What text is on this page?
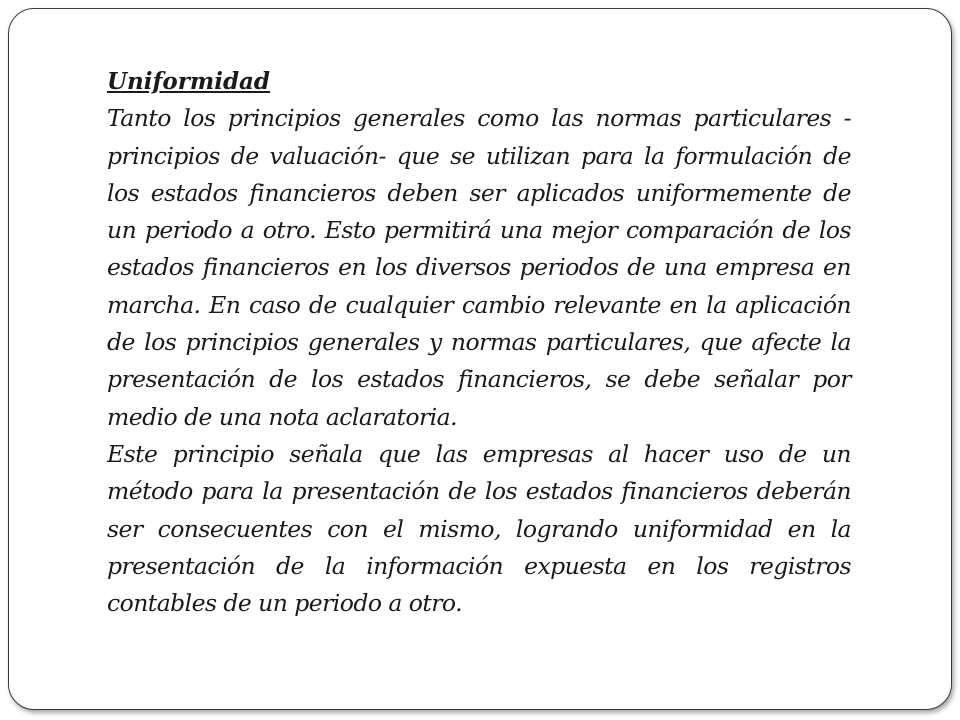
Uniformidad

Tanto los principios generales como las normas particulares -principios de valuación- que se utilizan para la formulación de los estados financieros deben ser aplicados uniformemente de un periodo a otro. Esto permitirá una mejor comparación de los estados financieros en los diversos periodos de una empresa en marcha. En caso de cualquier cambio relevante en la aplicación de los principios generales y normas particulares, que afecte la presentación de los estados financieros, se debe señalar por medio de una nota aclaratoria.

Este principio señala que las empresas al hacer uso de un método para la presentación de los estados financieros deberán ser consecuentes con el mismo, logrando uniformidad en la presentación de la información expuesta en los registros contables de un periodo a otro.
